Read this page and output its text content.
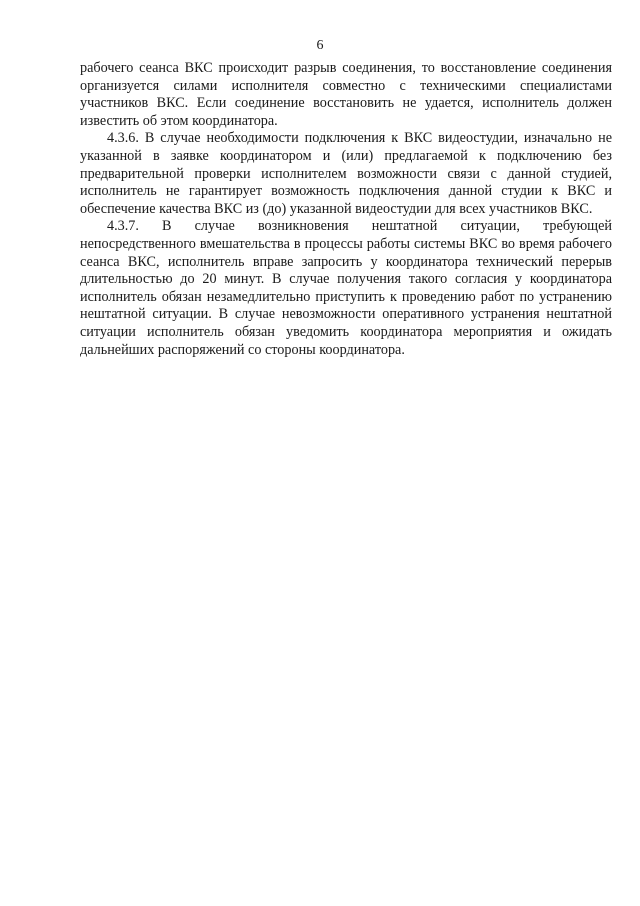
6

рабочего сеанса ВКС происходит разрыв соединения, то восстановление соединения организуется силами исполнителя совместно с техническими специалистами участников ВКС. Если соединение восстановить не удается, исполнитель должен известить об этом координатора.

4.3.6. В случае необходимости подключения к ВКС видеостудии, изначально не указанной в заявке координатором и (или) предлагаемой к подключению без предварительной проверки исполнителем возможности связи с данной студией, исполнитель не гарантирует возможность подключения данной студии к ВКС и обеспечение качества ВКС из (до) указанной видеостудии для всех участников ВКС.

4.3.7. В случае возникновения нештатной ситуации, требующей непосредственного вмешательства в процессы работы системы ВКС во время рабочего сеанса ВКС, исполнитель вправе запросить у координатора технический перерыв длительностью до 20 минут. В случае получения такого согласия у координатора исполнитель обязан незамедлительно приступить к проведению работ по устранению нештатной ситуации. В случае невозможности оперативного устранения нештатной ситуации исполнитель обязан уведомить координатора мероприятия и ожидать дальнейших распоряжений со стороны координатора.
